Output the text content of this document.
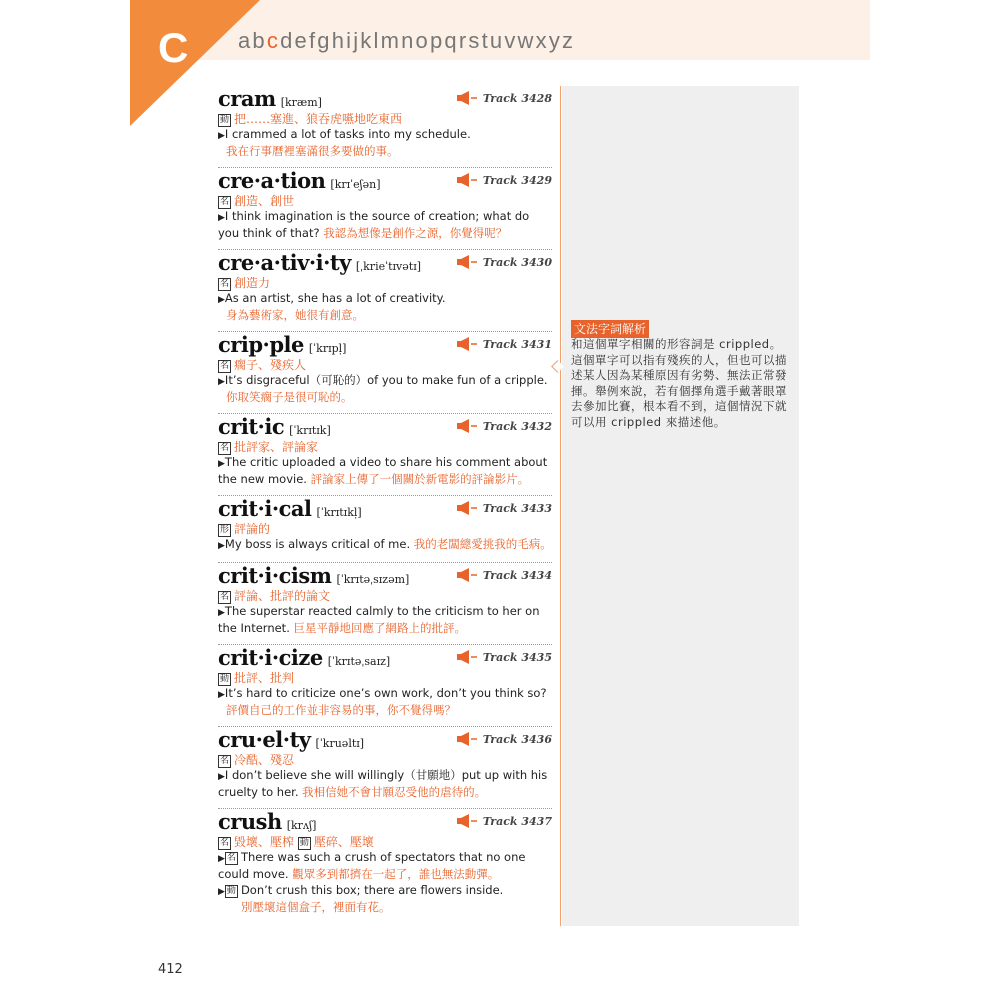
C abcdefghijklmnopqrstuvwxyz
cram [kræm]	Track 3428
動 把……塞進、狼吞虎嚥地吃東西
▶I crammed a lot of tasks into my schedule.
我在行事曆裡塞滿很多要做的事。
cre·a·tion [krɪˈeʃən]	Track 3429
名 創造、創世
▶I think imagination is the source of creation; what do you think of that? 我認為想像是創作之源，你覺得呢？
cre·a·tiv·i·ty [ˌkrieˈtɪvətɪ]	Track 3430
名 創造力
▶As an artist, she has a lot of creativity.
身為藝術家，她很有創意。
crip·ple [ˈkrɪpḷ]	Track 3431
名 瘸子、殘疾人
▶It’s disgraceful（可恥的）of you to make fun of a cripple.
你取笑瘸子是很可恥的。
crit·ic [ˈkrɪtɪk]	Track 3432
名 批評家、評論家
▶The critic uploaded a video to share his comment about the new movie. 評論家上傳了一個關於新電影的評論影片。
crit·i·cal [ˈkrɪtɪkḷ]	Track 3433
形 評論的
▶My boss is always critical of me. 我的老闆總愛挑我的毛病。
crit·i·cism [ˈkrɪtəˌsɪzəm]	Track 3434
名 評論、批評的論文
▶The superstar reacted calmly to the criticism to her on the Internet. 巨星平靜地回應了網路上的批評。
crit·i·cize [ˈkrɪtəˌsaɪz]	Track 3435
動 批評、批判
▶It’s hard to criticize one’s own work, don’t you think so?
評價自己的工作並非容易的事，你不覺得嗎？
cru·el·ty [ˈkruəltɪ]	Track 3436
名 冷酷、殘忍
▶I don’t believe she will willingly（甘願地）put up with his cruelty to her. 我相信她不會甘願忍受他的虐待的。
crush [krʌʃ]	Track 3437
名 毀壞、壓榨 動 壓碎、壓壞
▶ 名 There was such a crush of spectators that no one could move. 觀眾多到都擠在一起了，誰也無法動彈。
▶ 動 Don’t crush this box; there are flowers inside.
別壓壞這個盒子，裡面有花。
文法字詞解析
和這個單字相關的形容詞是 crippled。這個單字可以指有殘疾的人，但也可以描述某人因為某種原因有劣勢、無法正常發揮。舉例來說，若有個擇角選手戴著眼罩去參加比賽，根本看不到，這個情況下就可以用 crippled 來描述他。
412
